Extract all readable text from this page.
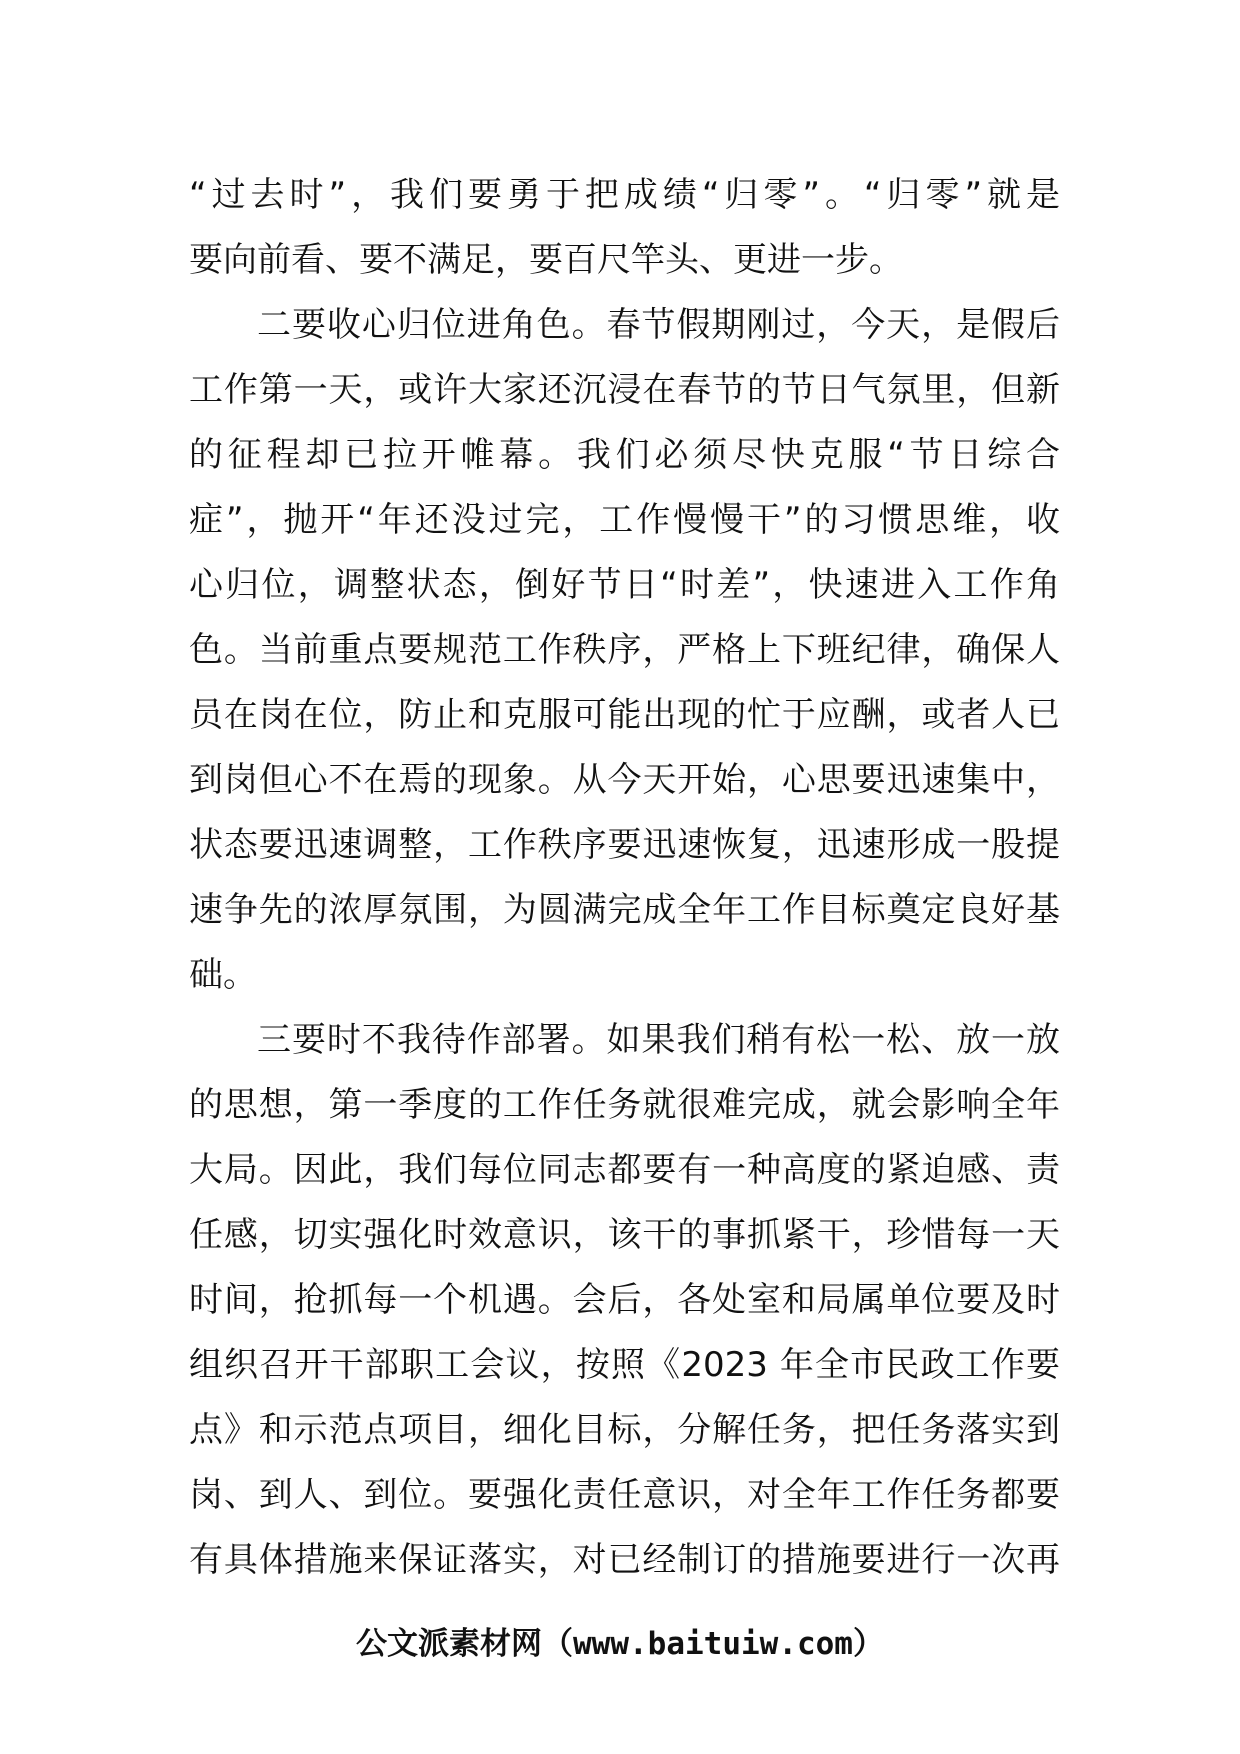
“过去时”，我们要勇于把成绩“归零”。“归零”就是
要向前看、要不满足，要百尺竿头、更进一步。
二要收心归位进角色。春节假期刚过，今天，是假后
工作第一天，或许大家还沉浸在春节的节日气氛里，但新
的征程却已拉开帷幕。我们必须尽快克服“节日综合
症”，抛开“年还没过完，工作慢慢干”的习惯思维，收
心归位，调整状态，倒好节日“时差”，快速进入工作角
色。当前重点要规范工作秩序，严格上下班纪律，确保人
员在岗在位，防止和克服可能出现的忙于应酬，或者人已
到岗但心不在焉的现象。从今天开始，心思要迅速集中，
状态要迅速调整，工作秩序要迅速恢复，迅速形成一股提
速争先的浓厚氛围，为圆满完成全年工作目标奠定良好基
础。
三要时不我待作部署。如果我们稍有松一松、放一放
的思想，第一季度的工作任务就很难完成，就会影响全年
大局。因此，我们每位同志都要有一种高度的紧迫感、责
任感，切实强化时效意识，该干的事抓紧干，珍惜每一天
时间，抢抓每一个机遇。会后，各处室和局属单位要及时
组织召开干部职工会议，按照《2023 年全市民政工作要
点》和示范点项目，细化目标，分解任务，把任务落实到
岗、到人、到位。要强化责任意识，对全年工作任务都要
有具体措施来保证落实，对已经制订的措施要进行一次再
公文派素材网（www.baituiw.com）
